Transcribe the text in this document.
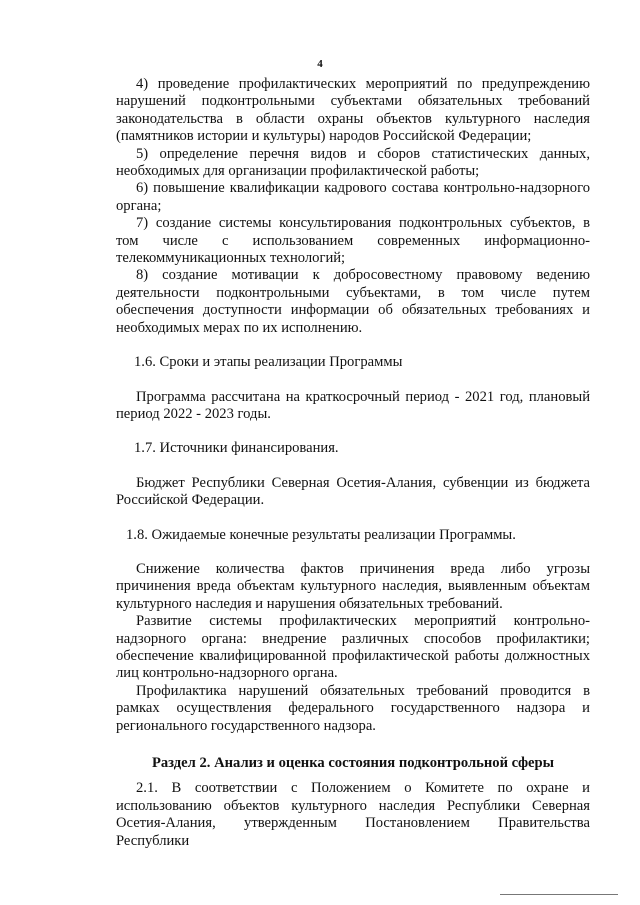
4

4) проведение профилактических мероприятий по предупреждению нарушений подконтрольными субъектами обязательных требований законодательства в области охраны объектов культурного наследия (памятников истории и культуры) народов Российской Федерации;

5) определение перечня видов и сборов статистических данных, необходимых для организации профилактической работы;

6) повышение квалификации кадрового состава контрольно-надзорного органа;

7) создание системы консультирования подконтрольных субъектов, в том числе с использованием современных информационно-телекоммуникационных технологий;

8) создание мотивации к добросовестному правовому ведению деятельности подконтрольными субъектами, в том числе путем обеспечения доступности информации об обязательных требованиях и необходимых мерах по их исполнению.

1.6. Сроки и этапы реализации Программы

Программа рассчитана на краткосрочный период - 2021 год, плановый период 2022 - 2023 годы.

1.7. Источники финансирования.

Бюджет Республики Северная Осетия-Алания, субвенции из бюджета Российской Федерации.

1.8. Ожидаемые конечные результаты реализации Программы.

Снижение количества фактов причинения вреда либо угрозы причинения вреда объектам культурного наследия, выявленным объектам культурного наследия и нарушения обязательных требований.

Развитие системы профилактических мероприятий контрольно-надзорного органа: внедрение различных способов профилактики; обеспечение квалифицированной профилактической работы должностных лиц контрольно-надзорного органа.

Профилактика нарушений обязательных требований проводится в рамках осуществления федерального государственного надзора и регионального государственного надзора.

Раздел 2. Анализ и оценка состояния подконтрольной сферы

2.1. В соответствии с Положением о Комитете по охране и использованию объектов культурного наследия Республики Северная Осетия-Алания, утвержденным Постановлением Правительства Республики
